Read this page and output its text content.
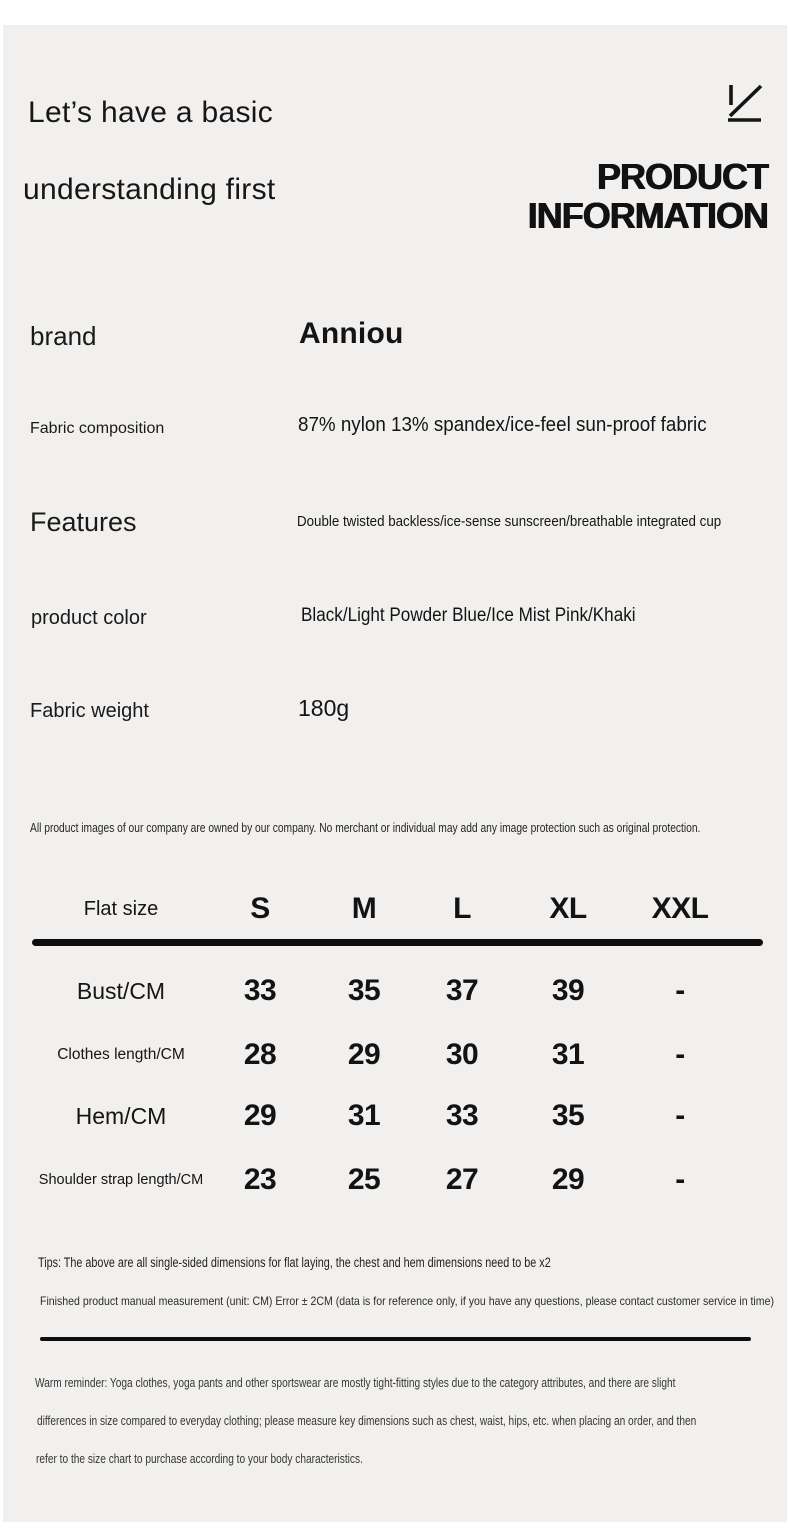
Let’s have a basic
understanding first	PRODUCT
INFORMATION
brand	Anniou
Fabric composition	87% nylon 13% spandex/ice-feel sun-proof fabric
Features	Double twisted backless/ice-sense sunscreen/breathable integrated cup
product color	Black/Light Powder Blue/Ice Mist Pink/Khaki
Fabric weight	180g
All product images of our company are owned by our company. No merchant or individual may add any image protection such as original protection.
Flat size	S	M	L	XL	XXL
Bust/CM	33	35	37	39	-
Clothes length/CM	28	29	30	31	-
Hem/CM	29	31	33	35	-
Shoulder strap length/CM	23	25	27	29	-
Tips: The above are all single-sided dimensions for flat laying, the chest and hem dimensions need to be x2
Finished product manual measurement (unit: CM) Error ± 2CM (data is for reference only, if you have any questions, please contact customer service in time)
Warm reminder: Yoga clothes, yoga pants and other sportswear are mostly tight-fitting styles due to the category attributes, and there are slight
differences in size compared to everyday clothing; please measure key dimensions such as chest, waist, hips, etc. when placing an order, and then
refer to the size chart to purchase according to your body characteristics.
